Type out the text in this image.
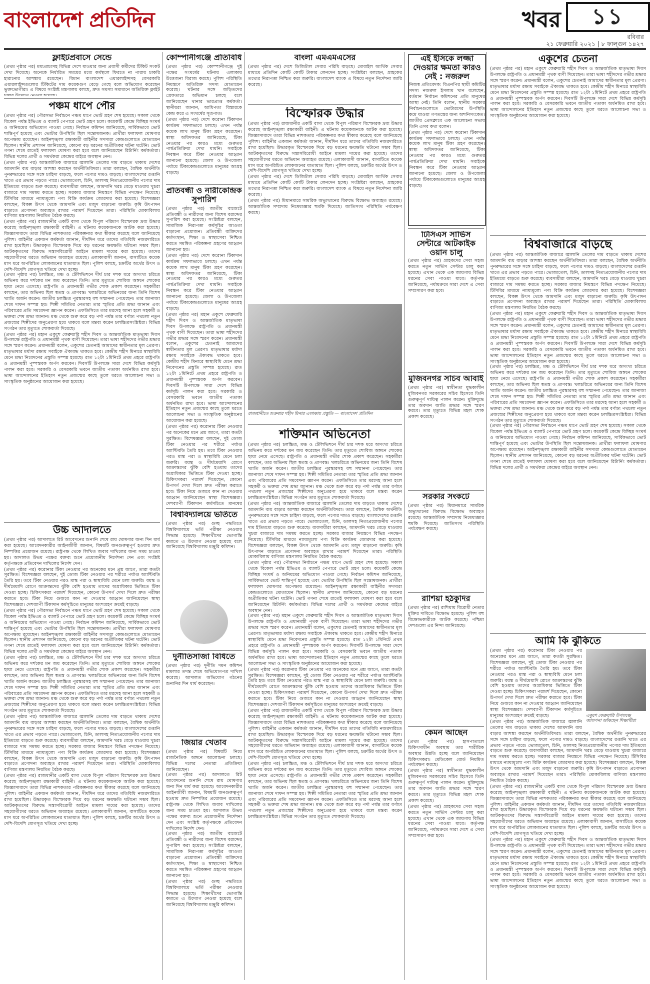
বাংলাদেশ প্রতিদিন	খবর	১১
রবিবার
২১ ফেব্রুয়ারি ২০২১ | ৮ ফাল্গুন ১৪২৭
ফ্লাইটপ্রবাসে সেন্ডে

(প্রথম পৃষ্ঠার পর) মধ্যপ্রাচ্যসহ বিভিন্ন দেশে যাওয়ার জন্য প্রবাসী কর্মীদের টিকিট সংকট দেখা দিয়েছে। অনেকে নির্ধারিত সময়ের মধ্যে কর্মস্থলে ফিরতে না পারায় চাকরি হারানোর আশঙ্কায় রয়েছেন। বিমান বাংলাদেশ এয়ারলাইন্সসহ বেসরকারি এয়ারলাইন্সগুলোর টিকিটের দাম কয়েকগুণ বেড়ে গেছে বলে অভিযোগ করেছেন ভুক্তভোগীরা। এ বিষয়ে সংশ্লিষ্ট মন্ত্রণালয় বলছে, দ্রুত সমস্যা সমাধানে অতিরিক্ত ফ্লাইট

পঞ্চম ধাপে পৌর

(প্রথম পৃষ্ঠার পর) পৌরসভা নির্বাচনে পঞ্চম ধাপে ভোট গ্রহণ শেষ হয়েছে। সকাল থেকে বিকেল পর্যন্ত ইভিএম ও ব্যালট পেপারে ভোট গ্রহণ চলে। কয়েকটি কেন্দ্রে বিচ্ছিন্ন সংঘর্ষ ও অনিয়মের অভিযোগ পাওয়া গেছে। নির্বাচন কমিশন জানিয়েছে, সার্বিকভাবে ভোট শান্তিপূর্ণ হয়েছে এবং ভোটার উপস্থিতি ছিল সন্তোষজনক। প্রার্থীরা ফলাফল ঘোষণার অপেক্ষায় রয়েছেন। আইনশৃঙ্খলা রক্ষাকারী বাহিনীর সদস্যরা কেন্দ্রগুলোতে মোতায়েন ছিলেন। স্থানীয় প্রশাসন জানিয়েছে, কোনো বড় ধরনের অপ্রীতিকর ঘটনা ঘটেনি। ভোট গণনা শেষে রাতেই ফলাফল ঘোষণা করা হবে বলে জানিয়েছেন রিটার্নিং কর্মকর্তারা। বিভিন্ন দলের প্রার্থী ও সমর্থকরা কেন্দ্রের বাইরে অবস্থান নেন।

(প্রথম পৃষ্ঠার পর) আন্তর্জাতিক বাজারে জ্বালানি তেলের দাম বাড়তে থাকায় দেশের আমদানি ব্যয় বাড়ার আশঙ্কা করছেন অর্থনীতিবিদরা। তারা বলছেন, বৈশ্বিক অর্থনীতি পুনরুদ্ধারের সঙ্গে সঙ্গে চাহিদা বাড়ছে, ফলে পণ্যের দামও বাড়ছে। বাংলাদেশের রপ্তানি খাতে এর প্রভাব পড়তে পারে। ভোজ্যতেল, চিনি, ডালসহ নিত্যপ্রয়োজনীয় পণ্যের দাম ইতিমধ্যে বাড়তে শুরু করেছে। ব্যবসায়ীরা বলছেন, আমদানি খরচ বেড়ে যাওয়ায় খুচরা বাজারে দাম সমন্বয় করতে হচ্ছে। সরকার বাজার নিয়ন্ত্রণে বিভিন্ন পদক্ষেপ নিয়েছে। টিসিবির মাধ্যমে ন্যায্যমূল্যে পণ্য বিক্রি কার্যক্রম জোরদার করা হয়েছে। বিশেষজ্ঞরা বলছেন, বিকল্প উৎস থেকে আমদানি এবং মজুদ বাড়ানো জরুরি। কৃষি উৎপাদন বাড়াতে প্রণোদনা অব্যাহত রাখার পরামর্শ দিয়েছেন তারা। পরিস্থিতি মোকাবিলায় বাণিজ্য মন্ত্রণালয় নিয়মিত বৈঠক করছে।

(প্রথম পৃষ্ঠার পর) রাজধানীর একটি বাসা থেকে বিপুল পরিমাণ বিস্ফোরক দ্রব্য উদ্ধার করেছে আইনশৃঙ্খলা রক্ষাকারী বাহিনী। এ ঘটনায় কয়েকজনকে আটক করা হয়েছে। জিজ্ঞাসাবাদে তারা বিভিন্ন নাশকতার পরিকল্পনার কথা স্বীকার করেছে বলে জানিয়েছে পুলিশ। বাহিনীর একজন কর্মকর্তা জানান, দীর্ঘদিন ধরে তাদের গতিবিধি নজরদারিতে রাখা হয়েছিল। উদ্ধারকৃত বিস্ফোরক দিয়ে বড় ধরনের ক্ষয়ক্ষতি ঘটানো সম্ভব ছিল। আটককৃতদের বিরুদ্ধে সন্ত্রাসবিরোধী আইনে মামলা দায়ের করা হয়েছে। তাদের সহযোগীদের ধরতে অভিযান অব্যাহত রয়েছে। এলাকাবাসী জানান, বাসাটিতে কয়েক মাস ধরে অপরিচিত লোকজনের যাতায়াত ছিল। পুলিশ বলছে, চক্রটির অর্থের উৎস ও দেশি-বিদেশি যোগসূত্র খতিয়ে দেখা হচ্ছে।

(প্রথম পৃষ্ঠার পর) চলচ্চিত্র, মঞ্চ ও টেলিভিশনে দীর্ঘ চার দশক ধরে অসংখ্য চরিত্রে অভিনয় করে দর্শকের মন জয় করেছেন তিনি। তার মৃত্যুতে শোবিজ অঙ্গনে শোকের ছায়া নেমে এসেছে। রাষ্ট্রপতি ও প্রধানমন্ত্রী গভীর শোক প্রকাশ করেছেন। সহকর্মীরা বলছেন, তার অভিনয় ছিল স্বতন্ত্র ও প্রাণবন্ত। খলচরিত্রে অভিনয়ের জন্য তিনি বিশেষ খ্যাতি অর্জন করেন। জাতীয় চলচ্চিত্র পুরস্কারসহ বহু সম্মাননা পেয়েছেন। তার জানাজা শেষে দাফন সম্পন্ন হয়। শিল্পী সমিতির নেতারা তার স্মৃতির প্রতি শ্রদ্ধা জানান এবং পরিবারের প্রতি সমবেদনা জ্ঞাপন করেন। এফডিসিতে তার মরদেহ আনা হলে সহকর্মী ও ভক্তরা শেষ শ্রদ্ধা জানান। মঞ্চ থেকে শুরু করে বড় পর্দা পর্যন্ত তার বর্ণাঢ্য পথচলা নতুন প্রজন্মের শিল্পীদের অনুপ্রেরণা হয়ে থাকবে বলে মন্তব্য করেন চলচ্চিত্রসংশ্লিষ্টরা। বিভিন্ন সংগঠন তার মৃত্যুতে শোকবার্তা দিয়েছে।

(প্রথম পৃষ্ঠার পর) মহান একুশে ফেব্রুয়ারি শহীদ দিবস ও আন্তর্জাতিক মাতৃভাষা দিবস উপলক্ষে রাষ্ট্রপতি ও প্রধানমন্ত্রী পৃথক বাণী দিয়েছেন। তারা ভাষা শহীদদের গভীর শ্রদ্ধার সঙ্গে স্মরণ করেন। প্রধানমন্ত্রী বলেন, একুশের চেতনাই আমাদের স্বাধীনতার মূল প্রেরণা। মাতৃভাষার মর্যাদা রক্ষায় সবাইকে ঐক্যবদ্ধ থাকতে হবে। কেন্দ্রীয় শহীদ মিনারে স্বাস্থ্যবিধি মেনে শ্রদ্ধা নিবেদনের প্রস্তুতি সম্পন্ন হয়েছে। রাত ১২টা ১মিনিটে প্রথম প্রহরে রাষ্ট্রপতি ও প্রধানমন্ত্রী পুষ্পস্তবক অর্পণ করবেন। দিবসটি উপলক্ষে সারা দেশে বিভিন্ন কর্মসূচি পালন করা হবে। সরকারি ও বেসরকারি ভবনে জাতীয় পতাকা অর্ধনমিত রাখা হবে। ভাষা আন্দোলনের ইতিহাস নতুন প্রজন্মের কাছে তুলে ধরতে আলোচনা সভা ও সাংস্কৃতিক অনুষ্ঠানের আয়োজন করা হয়েছে।

উচ্চ আদালতে

(প্রথম পৃষ্ঠার পর) আদালতে রিট আবেদনের শুনানি শেষে রায় ঘোষণার জন্য দিন ধার্য করা হয়েছে। আবেদনকারীর আইনজীবী জানান, বিষয়টি জনগুরুত্বপূর্ণ হওয়ায় দ্রুত নিষ্পত্তির প্রয়োজন রয়েছে। রাষ্ট্রপক্ষ থেকে লিখিত জবাব দাখিলের জন্য সময় চাওয়া হয়। আদালত উভয় পক্ষের বক্তব্য শুনে প্রয়োজনীয় নির্দেশনা দেন এবং সংশ্লিষ্ট কর্তৃপক্ষকে প্রতিবেদন দাখিলের নির্দেশ দেন।

(প্রথম পৃষ্ঠার পর) করোনার টিকা নেওয়ার পর অনেকের মনে প্রশ্ন জাগে, তারা কতটা সুরক্ষিত। বিশেষজ্ঞরা বলছেন, দুই ডোজ টিকা নেওয়ার পর শরীরে পর্যাপ্ত অ্যান্টিবডি তৈরি হয়। তবে টিকা নেওয়ার পরও মাস্ক পরা ও স্বাস্থ্যবিধি মেনে চলা জরুরি। বয়স্ক ও দীর্ঘমেয়াদি রোগে আক্রান্তদের ঝুঁকি বেশি হওয়ায় তাদের অগ্রাধিকার ভিত্তিতে টিকা দেওয়া হচ্ছে। চিকিৎসকরা পরামর্শ দিয়েছেন, কোনো উপসর্গ দেখা দিলে দ্রুত পরীক্ষা করাতে হবে। টিকা নিয়ে গুজবে কান না দেওয়ার আহ্বান জানিয়েছেন স্বাস্থ্য বিশেষজ্ঞরা। দেশব্যাপী টিকাদান কর্মসূচিতে মানুষের অংশগ্রহণ ক্রমেই বাড়ছে।

(প্রথম পৃষ্ঠার পর) পৌরসভা নির্বাচনে পঞ্চম ধাপে ভোট গ্রহণ শেষ হয়েছে। সকাল থেকে বিকেল পর্যন্ত ইভিএম ও ব্যালট পেপারে ভোট গ্রহণ চলে। কয়েকটি কেন্দ্রে বিচ্ছিন্ন সংঘর্ষ ও অনিয়মের অভিযোগ পাওয়া গেছে। নির্বাচন কমিশন জানিয়েছে, সার্বিকভাবে ভোট শান্তিপূর্ণ হয়েছে এবং ভোটার উপস্থিতি ছিল সন্তোষজনক। প্রার্থীরা ফলাফল ঘোষণার অপেক্ষায় রয়েছেন। আইনশৃঙ্খলা রক্ষাকারী বাহিনীর সদস্যরা কেন্দ্রগুলোতে মোতায়েন ছিলেন। স্থানীয় প্রশাসন জানিয়েছে, কোনো বড় ধরনের অপ্রীতিকর ঘটনা ঘটেনি। ভোট গণনা শেষে রাতেই ফলাফল ঘোষণা করা হবে বলে জানিয়েছেন রিটার্নিং কর্মকর্তারা। বিভিন্ন দলের প্রার্থী ও সমর্থকরা কেন্দ্রের বাইরে অবস্থান নেন।

(প্রথম পৃষ্ঠার পর) চলচ্চিত্র, মঞ্চ ও টেলিভিশনে দীর্ঘ চার দশক ধরে অসংখ্য চরিত্রে অভিনয় করে দর্শকের মন জয় করেছেন তিনি। তার মৃত্যুতে শোবিজ অঙ্গনে শোকের ছায়া নেমে এসেছে। রাষ্ট্রপতি ও প্রধানমন্ত্রী গভীর শোক প্রকাশ করেছেন। সহকর্মীরা বলছেন, তার অভিনয় ছিল স্বতন্ত্র ও প্রাণবন্ত। খলচরিত্রে অভিনয়ের জন্য তিনি বিশেষ খ্যাতি অর্জন করেন। জাতীয় চলচ্চিত্র পুরস্কারসহ বহু সম্মাননা পেয়েছেন। তার জানাজা শেষে দাফন সম্পন্ন হয়। শিল্পী সমিতির নেতারা তার স্মৃতির প্রতি শ্রদ্ধা জানান এবং পরিবারের প্রতি সমবেদনা জ্ঞাপন করেন। এফডিসিতে তার মরদেহ আনা হলে সহকর্মী ও ভক্তরা শেষ শ্রদ্ধা জানান। মঞ্চ থেকে শুরু করে বড় পর্দা পর্যন্ত তার বর্ণাঢ্য পথচলা নতুন প্রজন্মের শিল্পীদের অনুপ্রেরণা হয়ে থাকবে বলে মন্তব্য করেন চলচ্চিত্রসংশ্লিষ্টরা। বিভিন্ন সংগঠন তার মৃত্যুতে শোকবার্তা দিয়েছে।

(প্রথম পৃষ্ঠার পর) আন্তর্জাতিক বাজারে জ্বালানি তেলের দাম বাড়তে থাকায় দেশের আমদানি ব্যয় বাড়ার আশঙ্কা করছেন অর্থনীতিবিদরা। তারা বলছেন, বৈশ্বিক অর্থনীতি পুনরুদ্ধারের সঙ্গে সঙ্গে চাহিদা বাড়ছে, ফলে পণ্যের দামও বাড়ছে। বাংলাদেশের রপ্তানি খাতে এর প্রভাব পড়তে পারে। ভোজ্যতেল, চিনি, ডালসহ নিত্যপ্রয়োজনীয় পণ্যের দাম ইতিমধ্যে বাড়তে শুরু করেছে। ব্যবসায়ীরা বলছেন, আমদানি খরচ বেড়ে যাওয়ায় খুচরা বাজারে দাম সমন্বয় করতে হচ্ছে। সরকার বাজার নিয়ন্ত্রণে বিভিন্ন পদক্ষেপ নিয়েছে। টিসিবির মাধ্যমে ন্যায্যমূল্যে পণ্য বিক্রি কার্যক্রম জোরদার করা হয়েছে। বিশেষজ্ঞরা বলছেন, বিকল্প উৎস থেকে আমদানি এবং মজুদ বাড়ানো জরুরি। কৃষি উৎপাদন বাড়াতে প্রণোদনা অব্যাহত রাখার পরামর্শ দিয়েছেন তারা। পরিস্থিতি মোকাবিলায় বাণিজ্য মন্ত্রণালয় নিয়মিত বৈঠক করছে।

(প্রথম পৃষ্ঠার পর) রাজধানীর একটি বাসা থেকে বিপুল পরিমাণ বিস্ফোরক দ্রব্য উদ্ধার করেছে আইনশৃঙ্খলা রক্ষাকারী বাহিনী। এ ঘটনায় কয়েকজনকে আটক করা হয়েছে। জিজ্ঞাসাবাদে তারা বিভিন্ন নাশকতার পরিকল্পনার কথা স্বীকার করেছে বলে জানিয়েছে পুলিশ। বাহিনীর একজন কর্মকর্তা জানান, দীর্ঘদিন ধরে তাদের গতিবিধি নজরদারিতে রাখা হয়েছিল। উদ্ধারকৃত বিস্ফোরক দিয়ে বড় ধরনের ক্ষয়ক্ষতি ঘটানো সম্ভব ছিল। আটককৃতদের বিরুদ্ধে সন্ত্রাসবিরোধী আইনে মামলা দায়ের করা হয়েছে। তাদের সহযোগীদের ধরতে অভিযান অব্যাহত রয়েছে। এলাকাবাসী জানান, বাসাটিতে কয়েক মাস ধরে অপরিচিত লোকজনের যাতায়াত ছিল। পুলিশ বলছে, চক্রটির অর্থের উৎস ও দেশি-বিদেশি যোগসূত্র খতিয়ে দেখা হচ্ছে।

কোম্পানীগঞ্জে প্রতিবিধি

(প্রথম পৃষ্ঠার পর) কোম্পানীগঞ্জে দুই পক্ষের সংঘর্ষের ঘটনায় এলাকায় উত্তেজনা বিরাজ করছে। পুলিশ পরিস্থিতি নিয়ন্ত্রণে অতিরিক্ত সদস্য মোতায়েন করেছে। ঘটনার সঙ্গে জড়িতদের গ্রেফতারে অভিযান চলছে বলে জানিয়েছেন থানার ভারপ্রাপ্ত কর্মকর্তা। স্থানীয়রা জানান, আধিপত্য বিস্তারকে কেন্দ্র করে এ সংঘর্ষের সূত্রপাত।

(প্রথম পৃষ্ঠার পর) দেশে করোনা টিকাদান কার্যক্রম সফলভাবে চলছে। এখন পর্যন্ত কয়েক লাখ মানুষ টিকা গ্রহণ করেছেন। স্বাস্থ্য অধিদফতর জানিয়েছে, টিকা নেওয়ার পর কারও মধ্যে গুরুতর পার্শ্বপ্রতিক্রিয়া দেখা যায়নি। সবাইকে নিবন্ধন করে টিকা নেওয়ার আহ্বান জানানো হয়েছে। জেলা ও উপজেলা পর্যায়ে টিকাকেন্দ্রগুলোতে মানুষের আগ্রহ বাড়ছে।

প্রতিবন্ধী ও নারীকেন্দ্রিক সুপারিশ

(প্রথম পৃষ্ঠার পর) জাতীয় বাজেটে প্রতিবন্ধী ও নারীদের জন্য বিশেষ বরাদ্দের সুপারিশ করা হয়েছে। সংশ্লিষ্টরা বলছেন, সামাজিক নিরাপত্তা কর্মসূচির আওতা বাড়ানো প্রয়োজন। প্রতিবন্ধী ব্যক্তিদের কর্মসংস্থান, শিক্ষা ও স্বাস্থ্যসেবা নিশ্চিত করতে সমন্বিত পরিকল্পনা গ্রহণের আহ্বান জানানো হয়।

(প্রথম পৃষ্ঠার পর) দেশে করোনা টিকাদান কার্যক্রম সফলভাবে চলছে। এখন পর্যন্ত কয়েক লাখ মানুষ টিকা গ্রহণ করেছেন। স্বাস্থ্য অধিদফতর জানিয়েছে, টিকা নেওয়ার পর কারও মধ্যে গুরুতর পার্শ্বপ্রতিক্রিয়া দেখা যায়নি। সবাইকে নিবন্ধন করে টিকা নেওয়ার আহ্বান জানানো হয়েছে। জেলা ও উপজেলা পর্যায়ে টিকাকেন্দ্রগুলোতে মানুষের আগ্রহ বাড়ছে।

(প্রথম পৃষ্ঠার পর) মহান একুশে ফেব্রুয়ারি শহীদ দিবস ও আন্তর্জাতিক মাতৃভাষা দিবস উপলক্ষে রাষ্ট্রপতি ও প্রধানমন্ত্রী পৃথক বাণী দিয়েছেন। তারা ভাষা শহীদদের গভীর শ্রদ্ধার সঙ্গে স্মরণ করেন। প্রধানমন্ত্রী বলেন, একুশের চেতনাই আমাদের স্বাধীনতার মূল প্রেরণা। মাতৃভাষার মর্যাদা রক্ষায় সবাইকে ঐক্যবদ্ধ থাকতে হবে। কেন্দ্রীয় শহীদ মিনারে স্বাস্থ্যবিধি মেনে শ্রদ্ধা নিবেদনের প্রস্তুতি সম্পন্ন হয়েছে। রাত ১২টা ১মিনিটে প্রথম প্রহরে রাষ্ট্রপতি ও প্রধানমন্ত্রী পুষ্পস্তবক অর্পণ করবেন। দিবসটি উপলক্ষে সারা দেশে বিভিন্ন কর্মসূচি পালন করা হবে। সরকারি ও বেসরকারি ভবনে জাতীয় পতাকা অর্ধনমিত রাখা হবে। ভাষা আন্দোলনের ইতিহাস নতুন প্রজন্মের কাছে তুলে ধরতে আলোচনা সভা ও সাংস্কৃতিক অনুষ্ঠানের আয়োজন করা হয়েছে।

(প্রথম পৃষ্ঠার পর) করোনার টিকা নেওয়ার পর অনেকের মনে প্রশ্ন জাগে, তারা কতটা সুরক্ষিত। বিশেষজ্ঞরা বলছেন, দুই ডোজ টিকা নেওয়ার পর শরীরে পর্যাপ্ত অ্যান্টিবডি তৈরি হয়। তবে টিকা নেওয়ার পরও মাস্ক পরা ও স্বাস্থ্যবিধি মেনে চলা জরুরি। বয়স্ক ও দীর্ঘমেয়াদি রোগে আক্রান্তদের ঝুঁকি বেশি হওয়ায় তাদের অগ্রাধিকার ভিত্তিতে টিকা দেওয়া হচ্ছে। চিকিৎসকরা পরামর্শ দিয়েছেন, কোনো উপসর্গ দেখা দিলে দ্রুত পরীক্ষা করাতে হবে। টিকা নিয়ে গুজবে কান না দেওয়ার আহ্বান জানিয়েছেন স্বাস্থ্য বিশেষজ্ঞরা। দেশব্যাপী টিকাদান কর্মসূচিতে মানুষের

বিশ্ববিদ্যালয়ে ভর্তিতে

(প্রথম পৃষ্ঠার পর) গুচ্ছ পদ্ধতিতে বিশ্ববিদ্যালয়ে ভর্তি পরীক্ষা নেওয়ার সিদ্ধান্ত হয়েছে। শিক্ষার্থীদের ভোগান্তি কমাতে এ উদ্যোগ নেওয়া হয়েছে বলে জানিয়েছে বিশ্ববিদ্যালয় মঞ্জুরি কমিশন।

দুর্নীতিসাজা বিধিতে

(প্রথম পৃষ্ঠার পর) দুর্নীতি দমন কমিশন মামলার তদন্ত শেষে অভিযোগপত্র দাখিল করেছে। আদালত অভিযোগ গঠনের শুনানির দিন ধার্য করেছেন।

জিয়ার খেতাব

(প্রথম পৃষ্ঠার পর) বিষয়টি নিয়ে রাজনৈতিক অঙ্গনে আলোচনা চলছে। বিভিন্ন দলের নেতারা প্রতিক্রিয়া জানিয়েছেন।

(প্রথম পৃষ্ঠার পর) আদালতে রিট আবেদনের শুনানি শেষে রায় ঘোষণার জন্য দিন ধার্য করা হয়েছে। আবেদনকারীর আইনজীবী জানান, বিষয়টি জনগুরুত্বপূর্ণ হওয়ায় দ্রুত নিষ্পত্তির প্রয়োজন রয়েছে। রাষ্ট্রপক্ষ থেকে লিখিত জবাব দাখিলের জন্য সময় চাওয়া হয়। আদালত উভয় পক্ষের বক্তব্য শুনে প্রয়োজনীয় নির্দেশনা দেন এবং সংশ্লিষ্ট কর্তৃপক্ষকে প্রতিবেদন দাখিলের নির্দেশ দেন।

(প্রথম পৃষ্ঠার পর) জাতীয় বাজেটে প্রতিবন্ধী ও নারীদের জন্য বিশেষ বরাদ্দের সুপারিশ করা হয়েছে। সংশ্লিষ্টরা বলছেন, সামাজিক নিরাপত্তা কর্মসূচির আওতা বাড়ানো প্রয়োজন। প্রতিবন্ধী ব্যক্তিদের কর্মসংস্থান, শিক্ষা ও স্বাস্থ্যসেবা নিশ্চিত করতে সমন্বিত পরিকল্পনা গ্রহণের আহ্বান জানানো হয়।

(প্রথম পৃষ্ঠার পর) গুচ্ছ পদ্ধতিতে বিশ্ববিদ্যালয়ে ভর্তি পরীক্ষা নেওয়ার সিদ্ধান্ত হয়েছে। শিক্ষার্থীদের ভোগান্তি কমাতে এ উদ্যোগ নেওয়া হয়েছে বলে জানিয়েছে বিশ্ববিদ্যালয় মঞ্জুরি কমিশন।

বাংলা এমএমএসের

(প্রথম পৃষ্ঠার পর) দেশে ডিজিটাল সেবার পরিধি বাড়ছে। মোবাইল আর্থিক সেবার মাধ্যমে প্রতিদিন কোটি কোটি টাকার লেনদেন হচ্ছে। সংশ্লিষ্টরা বলছেন, গ্রাহকের তথ্যের নিরাপত্তা নিশ্চিত করা জরুরি। বাংলাদেশ ব্যাংক এ বিষয়ে নতুন নির্দেশনা জারি করেছে।

বিস্ফোরক উদ্ধার

(প্রথম পৃষ্ঠার পর) রাজধানীর একটি বাসা থেকে বিপুল পরিমাণ বিস্ফোরক দ্রব্য উদ্ধার করেছে আইনশৃঙ্খলা রক্ষাকারী বাহিনী। এ ঘটনায় কয়েকজনকে আটক করা হয়েছে। জিজ্ঞাসাবাদে তারা বিভিন্ন নাশকতার পরিকল্পনার কথা স্বীকার করেছে বলে জানিয়েছে পুলিশ। বাহিনীর একজন কর্মকর্তা জানান, দীর্ঘদিন ধরে তাদের গতিবিধি নজরদারিতে রাখা হয়েছিল। উদ্ধারকৃত বিস্ফোরক দিয়ে বড় ধরনের ক্ষয়ক্ষতি ঘটানো সম্ভব ছিল। আটককৃতদের বিরুদ্ধে সন্ত্রাসবিরোধী আইনে মামলা দায়ের করা হয়েছে। তাদের সহযোগীদের ধরতে অভিযান অব্যাহত রয়েছে। এলাকাবাসী জানান, বাসাটিতে কয়েক মাস ধরে অপরিচিত লোকজনের যাতায়াত ছিল। পুলিশ বলছে, চক্রটির অর্থের উৎস ও দেশি-বিদেশি যোগসূত্র খতিয়ে দেখা হচ্ছে।

(প্রথম পৃষ্ঠার পর) দেশে ডিজিটাল সেবার পরিধি বাড়ছে। মোবাইল আর্থিক সেবার মাধ্যমে প্রতিদিন কোটি কোটি টাকার লেনদেন হচ্ছে। সংশ্লিষ্টরা বলছেন, গ্রাহকের তথ্যের নিরাপত্তা নিশ্চিত করা জরুরি। বাংলাদেশ ব্যাংক এ বিষয়ে নতুন নির্দেশনা জারি করেছে।

(প্রথম পৃষ্ঠার পর) মিয়ানমারে সামরিক অভ্যুত্থানের বিরুদ্ধে বিক্ষোভ অব্যাহত রয়েছে। আন্তর্জাতিক সম্প্রদায় নিষেধাজ্ঞার হুমকি দিয়েছে। জাতিসংঘ পরিস্থিতি পর্যবেক্ষণ করছে।

রাজধানীতে শুক্রবার শহীদ মিনার এলাকায় প্রস্তুতি — বাংলাদেশ প্রতিদিন
শক্তিমান অভিনেতা

(প্রথম পৃষ্ঠার পর) চলচ্চিত্র, মঞ্চ ও টেলিভিশনে দীর্ঘ চার দশক ধরে অসংখ্য চরিত্রে অভিনয় করে দর্শকের মন জয় করেছেন তিনি। তার মৃত্যুতে শোবিজ অঙ্গনে শোকের ছায়া নেমে এসেছে। রাষ্ট্রপতি ও প্রধানমন্ত্রী গভীর শোক প্রকাশ করেছেন। সহকর্মীরা বলছেন, তার অভিনয় ছিল স্বতন্ত্র ও প্রাণবন্ত। খলচরিত্রে অভিনয়ের জন্য তিনি বিশেষ খ্যাতি অর্জন করেন। জাতীয় চলচ্চিত্র পুরস্কারসহ বহু সম্মাননা পেয়েছেন। তার জানাজা শেষে দাফন সম্পন্ন হয়। শিল্পী সমিতির নেতারা তার স্মৃতির প্রতি শ্রদ্ধা জানান এবং পরিবারের প্রতি সমবেদনা জ্ঞাপন করেন। এফডিসিতে তার মরদেহ আনা হলে সহকর্মী ও ভক্তরা শেষ শ্রদ্ধা জানান। মঞ্চ থেকে শুরু করে বড় পর্দা পর্যন্ত তার বর্ণাঢ্য পথচলা নতুন প্রজন্মের শিল্পীদের অনুপ্রেরণা হয়ে থাকবে বলে মন্তব্য করেন চলচ্চিত্রসংশ্লিষ্টরা। বিভিন্ন সংগঠন তার মৃত্যুতে শোকবার্তা দিয়েছে।

(প্রথম পৃষ্ঠার পর) আন্তর্জাতিক বাজারে জ্বালানি তেলের দাম বাড়তে থাকায় দেশের আমদানি ব্যয় বাড়ার আশঙ্কা করছেন অর্থনীতিবিদরা। তারা বলছেন, বৈশ্বিক অর্থনীতি পুনরুদ্ধারের সঙ্গে সঙ্গে চাহিদা বাড়ছে, ফলে পণ্যের দামও বাড়ছে। বাংলাদেশের রপ্তানি খাতে এর প্রভাব পড়তে পারে। ভোজ্যতেল, চিনি, ডালসহ নিত্যপ্রয়োজনীয় পণ্যের দাম ইতিমধ্যে বাড়তে শুরু করেছে। ব্যবসায়ীরা বলছেন, আমদানি খরচ বেড়ে যাওয়ায় খুচরা বাজারে দাম সমন্বয় করতে হচ্ছে। সরকার বাজার নিয়ন্ত্রণে বিভিন্ন পদক্ষেপ নিয়েছে। টিসিবির মাধ্যমে ন্যায্যমূল্যে পণ্য বিক্রি কার্যক্রম জোরদার করা হয়েছে। বিশেষজ্ঞরা বলছেন, বিকল্প উৎস থেকে আমদানি এবং মজুদ বাড়ানো জরুরি। কৃষি উৎপাদন বাড়াতে প্রণোদনা অব্যাহত রাখার পরামর্শ দিয়েছেন তারা। পরিস্থিতি মোকাবিলায় বাণিজ্য মন্ত্রণালয় নিয়মিত বৈঠক করছে।

(প্রথম পৃষ্ঠার পর) পৌরসভা নির্বাচনে পঞ্চম ধাপে ভোট গ্রহণ শেষ হয়েছে। সকাল থেকে বিকেল পর্যন্ত ইভিএম ও ব্যালট পেপারে ভোট গ্রহণ চলে। কয়েকটি কেন্দ্রে বিচ্ছিন্ন সংঘর্ষ ও অনিয়মের অভিযোগ পাওয়া গেছে। নির্বাচন কমিশন জানিয়েছে, সার্বিকভাবে ভোট শান্তিপূর্ণ হয়েছে এবং ভোটার উপস্থিতি ছিল সন্তোষজনক। প্রার্থীরা ফলাফল ঘোষণার অপেক্ষায় রয়েছেন। আইনশৃঙ্খলা রক্ষাকারী বাহিনীর সদস্যরা কেন্দ্রগুলোতে মোতায়েন ছিলেন। স্থানীয় প্রশাসন জানিয়েছে, কোনো বড় ধরনের অপ্রীতিকর ঘটনা ঘটেনি। ভোট গণনা শেষে রাতেই ফলাফল ঘোষণা করা হবে বলে জানিয়েছেন রিটার্নিং কর্মকর্তারা। বিভিন্ন দলের প্রার্থী ও সমর্থকরা কেন্দ্রের বাইরে অবস্থান নেন।

(প্রথম পৃষ্ঠার পর) মহান একুশে ফেব্রুয়ারি শহীদ দিবস ও আন্তর্জাতিক মাতৃভাষা দিবস উপলক্ষে রাষ্ট্রপতি ও প্রধানমন্ত্রী পৃথক বাণী দিয়েছেন। তারা ভাষা শহীদদের গভীর শ্রদ্ধার সঙ্গে স্মরণ করেন। প্রধানমন্ত্রী বলেন, একুশের চেতনাই আমাদের স্বাধীনতার মূল প্রেরণা। মাতৃভাষার মর্যাদা রক্ষায় সবাইকে ঐক্যবদ্ধ থাকতে হবে। কেন্দ্রীয় শহীদ মিনারে স্বাস্থ্যবিধি মেনে শ্রদ্ধা নিবেদনের প্রস্তুতি সম্পন্ন হয়েছে। রাত ১২টা ১মিনিটে প্রথম প্রহরে রাষ্ট্রপতি ও প্রধানমন্ত্রী পুষ্পস্তবক অর্পণ করবেন। দিবসটি উপলক্ষে সারা দেশে বিভিন্ন কর্মসূচি পালন করা হবে। সরকারি ও বেসরকারি ভবনে জাতীয় পতাকা অর্ধনমিত রাখা হবে। ভাষা আন্দোলনের ইতিহাস নতুন প্রজন্মের কাছে তুলে ধরতে আলোচনা সভা ও সাংস্কৃতিক অনুষ্ঠানের আয়োজন করা হয়েছে।

(প্রথম পৃষ্ঠার পর) করোনার টিকা নেওয়ার পর অনেকের মনে প্রশ্ন জাগে, তারা কতটা সুরক্ষিত। বিশেষজ্ঞরা বলছেন, দুই ডোজ টিকা নেওয়ার পর শরীরে পর্যাপ্ত অ্যান্টিবডি তৈরি হয়। তবে টিকা নেওয়ার পরও মাস্ক পরা ও স্বাস্থ্যবিধি মেনে চলা জরুরি। বয়স্ক ও দীর্ঘমেয়াদি রোগে আক্রান্তদের ঝুঁকি বেশি হওয়ায় তাদের অগ্রাধিকার ভিত্তিতে টিকা দেওয়া হচ্ছে। চিকিৎসকরা পরামর্শ দিয়েছেন, কোনো উপসর্গ দেখা দিলে দ্রুত পরীক্ষা করাতে হবে। টিকা নিয়ে গুজবে কান না দেওয়ার আহ্বান জানিয়েছেন স্বাস্থ্য বিশেষজ্ঞরা। দেশব্যাপী টিকাদান কর্মসূচিতে মানুষের অংশগ্রহণ ক্রমেই বাড়ছে।

(প্রথম পৃষ্ঠার পর) রাজধানীর একটি বাসা থেকে বিপুল পরিমাণ বিস্ফোরক দ্রব্য উদ্ধার করেছে আইনশৃঙ্খলা রক্ষাকারী বাহিনী। এ ঘটনায় কয়েকজনকে আটক করা হয়েছে। জিজ্ঞাসাবাদে তারা বিভিন্ন নাশকতার পরিকল্পনার কথা স্বীকার করেছে বলে জানিয়েছে পুলিশ। বাহিনীর একজন কর্মকর্তা জানান, দীর্ঘদিন ধরে তাদের গতিবিধি নজরদারিতে রাখা হয়েছিল। উদ্ধারকৃত বিস্ফোরক দিয়ে বড় ধরনের ক্ষয়ক্ষতি ঘটানো সম্ভব ছিল। আটককৃতদের বিরুদ্ধে সন্ত্রাসবিরোধী আইনে মামলা দায়ের করা হয়েছে। তাদের সহযোগীদের ধরতে অভিযান অব্যাহত রয়েছে। এলাকাবাসী জানান, বাসাটিতে কয়েক মাস ধরে অপরিচিত লোকজনের যাতায়াত ছিল। পুলিশ বলছে, চক্রটির অর্থের উৎস ও দেশি-বিদেশি যোগসূত্র খতিয়ে দেখা হচ্ছে।

(প্রথম পৃষ্ঠার পর) চলচ্চিত্র, মঞ্চ ও টেলিভিশনে দীর্ঘ চার দশক ধরে অসংখ্য চরিত্রে অভিনয় করে দর্শকের মন জয় করেছেন তিনি। তার মৃত্যুতে শোবিজ অঙ্গনে শোকের ছায়া নেমে এসেছে। রাষ্ট্রপতি ও প্রধানমন্ত্রী গভীর শোক প্রকাশ করেছেন। সহকর্মীরা বলছেন, তার অভিনয় ছিল স্বতন্ত্র ও প্রাণবন্ত। খলচরিত্রে অভিনয়ের জন্য তিনি বিশেষ খ্যাতি অর্জন করেন। জাতীয় চলচ্চিত্র পুরস্কারসহ বহু সম্মাননা পেয়েছেন। তার জানাজা শেষে দাফন সম্পন্ন হয়। শিল্পী সমিতির নেতারা তার স্মৃতির প্রতি শ্রদ্ধা জানান এবং পরিবারের প্রতি সমবেদনা জ্ঞাপন করেন। এফডিসিতে তার মরদেহ আনা হলে সহকর্মী ও ভক্তরা শেষ শ্রদ্ধা জানান। মঞ্চ থেকে শুরু করে বড় পর্দা পর্যন্ত তার বর্ণাঢ্য পথচলা নতুন প্রজন্মের শিল্পীদের অনুপ্রেরণা হয়ে থাকবে বলে মন্তব্য করেন চলচ্চিত্রসংশ্লিষ্টরা। বিভিন্ন সংগঠন তার মৃত্যুতে শোকবার্তা দিয়েছে।

এই ইসিকে লজ্জা দেওয়ার ক্ষমতা কারও নেই : নজরুল

নিজস্ব প্রতিবেদক: বিএনপির স্থায়ী কমিটির সদস্য নজরুল ইসলাম খান বলেছেন, বর্তমান নির্বাচন কমিশনের প্রতি মানুষের আস্থা নেই। তিনি বলেন, স্থানীয় সরকার নির্বাচনগুলোতে ভোটারদের উপস্থিতি কমে যাওয়া গণতন্ত্রের জন্য অশনিসংকেত। জাতীয় প্রেসক্লাবে এক আলোচনা সভায় তিনি এসব কথা বলেন।

(প্রথম পৃষ্ঠার পর) দেশে করোনা টিকাদান কার্যক্রম সফলভাবে চলছে। এখন পর্যন্ত কয়েক লাখ মানুষ টিকা গ্রহণ করেছেন। স্বাস্থ্য অধিদফতর জানিয়েছে, টিকা নেওয়ার পর কারও মধ্যে গুরুতর পার্শ্বপ্রতিক্রিয়া দেখা যায়নি। সবাইকে নিবন্ধন করে টিকা নেওয়ার আহ্বান জানানো হয়েছে। জেলা ও উপজেলা পর্যায়ে টিকাকেন্দ্রগুলোতে মানুষের আগ্রহ বাড়ছে।

টিসিএস সার্ভিস সেন্টারে আটকাইক ওয়ান চালু

(প্রথম পৃষ্ঠার পর) গ্রাহকদের সেবা সহজ করতে নতুন সার্ভিস সেন্টার চালু করা হয়েছে। এখান থেকে এক জায়গায় বিভিন্ন ধরনের সেবা পাওয়া যাবে। কর্তৃপক্ষ জানিয়েছে, পর্যায়ক্রমে সারা দেশে এ সেবা সম্প্রসারণ করা হবে।

মুজিবনগর সচিব আবাই

(প্রথম পৃষ্ঠার পর) স্বাধীনতা যুদ্ধকালীন মুজিবনগর সরকারের সচিব হিসেবে তিনি গুরুত্বপূর্ণ দায়িত্ব পালন করেন। মুক্তিযুদ্ধে তার অবদান জাতি শ্রদ্ধার সঙ্গে স্মরণ করবে। তার মৃত্যুতে বিভিন্ন মহল শোক প্রকাশ করেছে।

সরকার সংকটে

(প্রথম পৃষ্ঠার পর) মিয়ানমারে সামরিক অভ্যুত্থানের বিরুদ্ধে বিক্ষোভ অব্যাহত রয়েছে। আন্তর্জাতিক সম্প্রদায় নিষেধাজ্ঞার হুমকি দিয়েছে। জাতিসংঘ পরিস্থিতি পর্যবেক্ষণ করছে।

রাশিয়া হঠকুদির

(প্রথম পৃষ্ঠার পর) রাশিয়ায় বিরোধী নেতার মুক্তির দাবিতে বিক্ষোভ হয়েছে। পুলিশ বহু বিক্ষোভকারীকে আটক করেছে। পশ্চিমা দেশগুলো এর নিন্দা জানিয়েছে।

কেমন আছেন

(প্রথম পৃষ্ঠার পর) হাসপাতালে চিকিৎসাধীন অবস্থায় তার শারীরিক অবস্থার উন্নতি হচ্ছে বলে জানিয়েছেন চিকিৎসকরা। মেডিকেল বোর্ড নিয়মিত পর্যবেক্ষণ করছে।

(প্রথম পৃষ্ঠার পর) স্বাধীনতা যুদ্ধকালীন মুজিবনগর সরকারের সচিব হিসেবে তিনি গুরুত্বপূর্ণ দায়িত্ব পালন করেন। মুক্তিযুদ্ধে তার অবদান জাতি শ্রদ্ধার সঙ্গে স্মরণ করবে। তার মৃত্যুতে বিভিন্ন মহল শোক প্রকাশ করেছে।

(প্রথম পৃষ্ঠার পর) গ্রাহকদের সেবা সহজ করতে নতুন সার্ভিস সেন্টার চালু করা হয়েছে। এখান থেকে এক জায়গায় বিভিন্ন ধরনের সেবা পাওয়া যাবে। কর্তৃপক্ষ জানিয়েছে, পর্যায়ক্রমে সারা দেশে এ সেবা সম্প্রসারণ করা হবে।

একুশের চেতনা

(প্রথম পৃষ্ঠার পর) মহান একুশে ফেব্রুয়ারি শহীদ দিবস ও আন্তর্জাতিক মাতৃভাষা দিবস উপলক্ষে রাষ্ট্রপতি ও প্রধানমন্ত্রী পৃথক বাণী দিয়েছেন। তারা ভাষা শহীদদের গভীর শ্রদ্ধার সঙ্গে স্মরণ করেন। প্রধানমন্ত্রী বলেন, একুশের চেতনাই আমাদের স্বাধীনতার মূল প্রেরণা। মাতৃভাষার মর্যাদা রক্ষায় সবাইকে ঐক্যবদ্ধ থাকতে হবে। কেন্দ্রীয় শহীদ মিনারে স্বাস্থ্যবিধি মেনে শ্রদ্ধা নিবেদনের প্রস্তুতি সম্পন্ন হয়েছে। রাত ১২টা ১মিনিটে প্রথম প্রহরে রাষ্ট্রপতি ও প্রধানমন্ত্রী পুষ্পস্তবক অর্পণ করবেন। দিবসটি উপলক্ষে সারা দেশে বিভিন্ন কর্মসূচি পালন করা হবে। সরকারি ও বেসরকারি ভবনে জাতীয় পতাকা অর্ধনমিত রাখা হবে। ভাষা আন্দোলনের ইতিহাস নতুন প্রজন্মের কাছে তুলে ধরতে আলোচনা সভা ও সাংস্কৃতিক অনুষ্ঠানের আয়োজন করা হয়েছে।

বিশ্ববাজারে বাড়ছে

(প্রথম পৃষ্ঠার পর) আন্তর্জাতিক বাজারে জ্বালানি তেলের দাম বাড়তে থাকায় দেশের আমদানি ব্যয় বাড়ার আশঙ্কা করছেন অর্থনীতিবিদরা। তারা বলছেন, বৈশ্বিক অর্থনীতি পুনরুদ্ধারের সঙ্গে সঙ্গে চাহিদা বাড়ছে, ফলে পণ্যের দামও বাড়ছে। বাংলাদেশের রপ্তানি খাতে এর প্রভাব পড়তে পারে। ভোজ্যতেল, চিনি, ডালসহ নিত্যপ্রয়োজনীয় পণ্যের দাম ইতিমধ্যে বাড়তে শুরু করেছে। ব্যবসায়ীরা বলছেন, আমদানি খরচ বেড়ে যাওয়ায় খুচরা বাজারে দাম সমন্বয় করতে হচ্ছে। সরকার বাজার নিয়ন্ত্রণে বিভিন্ন পদক্ষেপ নিয়েছে। টিসিবির মাধ্যমে ন্যায্যমূল্যে পণ্য বিক্রি কার্যক্রম জোরদার করা হয়েছে। বিশেষজ্ঞরা বলছেন, বিকল্প উৎস থেকে আমদানি এবং মজুদ বাড়ানো জরুরি। কৃষি উৎপাদন বাড়াতে প্রণোদনা অব্যাহত রাখার পরামর্শ দিয়েছেন তারা। পরিস্থিতি মোকাবিলায় বাণিজ্য মন্ত্রণালয় নিয়মিত বৈঠক করছে।

(প্রথম পৃষ্ঠার পর) মহান একুশে ফেব্রুয়ারি শহীদ দিবস ও আন্তর্জাতিক মাতৃভাষা দিবস উপলক্ষে রাষ্ট্রপতি ও প্রধানমন্ত্রী পৃথক বাণী দিয়েছেন। তারা ভাষা শহীদদের গভীর শ্রদ্ধার সঙ্গে স্মরণ করেন। প্রধানমন্ত্রী বলেন, একুশের চেতনাই আমাদের স্বাধীনতার মূল প্রেরণা। মাতৃভাষার মর্যাদা রক্ষায় সবাইকে ঐক্যবদ্ধ থাকতে হবে। কেন্দ্রীয় শহীদ মিনারে স্বাস্থ্যবিধি মেনে শ্রদ্ধা নিবেদনের প্রস্তুতি সম্পন্ন হয়েছে। রাত ১২টা ১মিনিটে প্রথম প্রহরে রাষ্ট্রপতি ও প্রধানমন্ত্রী পুষ্পস্তবক অর্পণ করবেন। দিবসটি উপলক্ষে সারা দেশে বিভিন্ন কর্মসূচি পালন করা হবে। সরকারি ও বেসরকারি ভবনে জাতীয় পতাকা অর্ধনমিত রাখা হবে। ভাষা আন্দোলনের ইতিহাস নতুন প্রজন্মের কাছে তুলে ধরতে আলোচনা সভা ও সাংস্কৃতিক অনুষ্ঠানের আয়োজন করা হয়েছে।

(প্রথম পৃষ্ঠার পর) চলচ্চিত্র, মঞ্চ ও টেলিভিশনে দীর্ঘ চার দশক ধরে অসংখ্য চরিত্রে অভিনয় করে দর্শকের মন জয় করেছেন তিনি। তার মৃত্যুতে শোবিজ অঙ্গনে শোকের ছায়া নেমে এসেছে। রাষ্ট্রপতি ও প্রধানমন্ত্রী গভীর শোক প্রকাশ করেছেন। সহকর্মীরা বলছেন, তার অভিনয় ছিল স্বতন্ত্র ও প্রাণবন্ত। খলচরিত্রে অভিনয়ের জন্য তিনি বিশেষ খ্যাতি অর্জন করেন। জাতীয় চলচ্চিত্র পুরস্কারসহ বহু সম্মাননা পেয়েছেন। তার জানাজা শেষে দাফন সম্পন্ন হয়। শিল্পী সমিতির নেতারা তার স্মৃতির প্রতি শ্রদ্ধা জানান এবং পরিবারের প্রতি সমবেদনা জ্ঞাপন করেন। এফডিসিতে তার মরদেহ আনা হলে সহকর্মী ও ভক্তরা শেষ শ্রদ্ধা জানান। মঞ্চ থেকে শুরু করে বড় পর্দা পর্যন্ত তার বর্ণাঢ্য পথচলা নতুন প্রজন্মের শিল্পীদের অনুপ্রেরণা হয়ে থাকবে বলে মন্তব্য করেন চলচ্চিত্রসংশ্লিষ্টরা। বিভিন্ন সংগঠন তার মৃত্যুতে শোকবার্তা দিয়েছে।

(প্রথম পৃষ্ঠার পর) পৌরসভা নির্বাচনে পঞ্চম ধাপে ভোট গ্রহণ শেষ হয়েছে। সকাল থেকে বিকেল পর্যন্ত ইভিএম ও ব্যালট পেপারে ভোট গ্রহণ চলে। কয়েকটি কেন্দ্রে বিচ্ছিন্ন সংঘর্ষ ও অনিয়মের অভিযোগ পাওয়া গেছে। নির্বাচন কমিশন জানিয়েছে, সার্বিকভাবে ভোট শান্তিপূর্ণ হয়েছে এবং ভোটার উপস্থিতি ছিল সন্তোষজনক। প্রার্থীরা ফলাফল ঘোষণার অপেক্ষায় রয়েছেন। আইনশৃঙ্খলা রক্ষাকারী বাহিনীর সদস্যরা কেন্দ্রগুলোতে মোতায়েন ছিলেন। স্থানীয় প্রশাসন জানিয়েছে, কোনো বড় ধরনের অপ্রীতিকর ঘটনা ঘটেনি। ভোট গণনা শেষে রাতেই ফলাফল ঘোষণা করা হবে বলে জানিয়েছেন রিটার্নিং কর্মকর্তারা। বিভিন্ন দলের প্রার্থী ও সমর্থকরা কেন্দ্রের বাইরে অবস্থান নেন।

আমি কি ঝুঁকিতে
একুশে ফেব্রুয়ারি উপলক্ষে আলপনা আঁকছেন শিক্ষার্থীরা

(প্রথম পৃষ্ঠার পর) করোনার টিকা নেওয়ার পর অনেকের মনে প্রশ্ন জাগে, তারা কতটা সুরক্ষিত। বিশেষজ্ঞরা বলছেন, দুই ডোজ টিকা নেওয়ার পর শরীরে পর্যাপ্ত অ্যান্টিবডি তৈরি হয়। তবে টিকা নেওয়ার পরও মাস্ক পরা ও স্বাস্থ্যবিধি মেনে চলা জরুরি। বয়স্ক ও দীর্ঘমেয়াদি রোগে আক্রান্তদের ঝুঁকি বেশি হওয়ায় তাদের অগ্রাধিকার ভিত্তিতে টিকা দেওয়া হচ্ছে। চিকিৎসকরা পরামর্শ দিয়েছেন, কোনো উপসর্গ দেখা দিলে দ্রুত পরীক্ষা করাতে হবে। টিকা নিয়ে গুজবে কান না দেওয়ার আহ্বান জানিয়েছেন স্বাস্থ্য বিশেষজ্ঞরা। দেশব্যাপী টিকাদান কর্মসূচিতে মানুষের অংশগ্রহণ ক্রমেই বাড়ছে।

(প্রথম পৃষ্ঠার পর) আন্তর্জাতিক বাজারে জ্বালানি তেলের দাম বাড়তে থাকায় দেশের আমদানি ব্যয় বাড়ার আশঙ্কা করছেন অর্থনীতিবিদরা। তারা বলছেন, বৈশ্বিক অর্থনীতি পুনরুদ্ধারের সঙ্গে সঙ্গে চাহিদা বাড়ছে, ফলে পণ্যের দামও বাড়ছে। বাংলাদেশের রপ্তানি খাতে এর প্রভাব পড়তে পারে। ভোজ্যতেল, চিনি, ডালসহ নিত্যপ্রয়োজনীয় পণ্যের দাম ইতিমধ্যে বাড়তে শুরু করেছে। ব্যবসায়ীরা বলছেন, আমদানি খরচ বেড়ে যাওয়ায় খুচরা বাজারে দাম সমন্বয় করতে হচ্ছে। সরকার বাজার নিয়ন্ত্রণে বিভিন্ন পদক্ষেপ নিয়েছে। টিসিবির মাধ্যমে ন্যায্যমূল্যে পণ্য বিক্রি কার্যক্রম জোরদার করা হয়েছে। বিশেষজ্ঞরা বলছেন, বিকল্প উৎস থেকে আমদানি এবং মজুদ বাড়ানো জরুরি। কৃষি উৎপাদন বাড়াতে প্রণোদনা অব্যাহত রাখার পরামর্শ দিয়েছেন তারা। পরিস্থিতি মোকাবিলায় বাণিজ্য মন্ত্রণালয় নিয়মিত বৈঠক করছে।

(প্রথম পৃষ্ঠার পর) রাজধানীর একটি বাসা থেকে বিপুল পরিমাণ বিস্ফোরক দ্রব্য উদ্ধার করেছে আইনশৃঙ্খলা রক্ষাকারী বাহিনী। এ ঘটনায় কয়েকজনকে আটক করা হয়েছে। জিজ্ঞাসাবাদে তারা বিভিন্ন নাশকতার পরিকল্পনার কথা স্বীকার করেছে বলে জানিয়েছে পুলিশ। বাহিনীর একজন কর্মকর্তা জানান, দীর্ঘদিন ধরে তাদের গতিবিধি নজরদারিতে রাখা হয়েছিল। উদ্ধারকৃত বিস্ফোরক দিয়ে বড় ধরনের ক্ষয়ক্ষতি ঘটানো সম্ভব ছিল। আটককৃতদের বিরুদ্ধে সন্ত্রাসবিরোধী আইনে মামলা দায়ের করা হয়েছে। তাদের সহযোগীদের ধরতে অভিযান অব্যাহত রয়েছে। এলাকাবাসী জানান, বাসাটিতে কয়েক মাস ধরে অপরিচিত লোকজনের যাতায়াত ছিল। পুলিশ বলছে, চক্রটির অর্থের উৎস ও দেশি-বিদেশি যোগসূত্র খতিয়ে দেখা হচ্ছে।

(প্রথম পৃষ্ঠার পর) মহান একুশে ফেব্রুয়ারি শহীদ দিবস ও আন্তর্জাতিক মাতৃভাষা দিবস উপলক্ষে রাষ্ট্রপতি ও প্রধানমন্ত্রী পৃথক বাণী দিয়েছেন। তারা ভাষা শহীদদের গভীর শ্রদ্ধার সঙ্গে স্মরণ করেন। প্রধানমন্ত্রী বলেন, একুশের চেতনাই আমাদের স্বাধীনতার মূল প্রেরণা। মাতৃভাষার মর্যাদা রক্ষায় সবাইকে ঐক্যবদ্ধ থাকতে হবে। কেন্দ্রীয় শহীদ মিনারে স্বাস্থ্যবিধি মেনে শ্রদ্ধা নিবেদনের প্রস্তুতি সম্পন্ন হয়েছে। রাত ১২টা ১মিনিটে প্রথম প্রহরে রাষ্ট্রপতি ও প্রধানমন্ত্রী পুষ্পস্তবক অর্পণ করবেন। দিবসটি উপলক্ষে সারা দেশে বিভিন্ন কর্মসূচি পালন করা হবে। সরকারি ও বেসরকারি ভবনে জাতীয় পতাকা অর্ধনমিত রাখা হবে। ভাষা আন্দোলনের ইতিহাস নতুন প্রজন্মের কাছে তুলে ধরতে আলোচনা সভা ও সাংস্কৃতিক অনুষ্ঠানের আয়োজন করা হয়েছে।
